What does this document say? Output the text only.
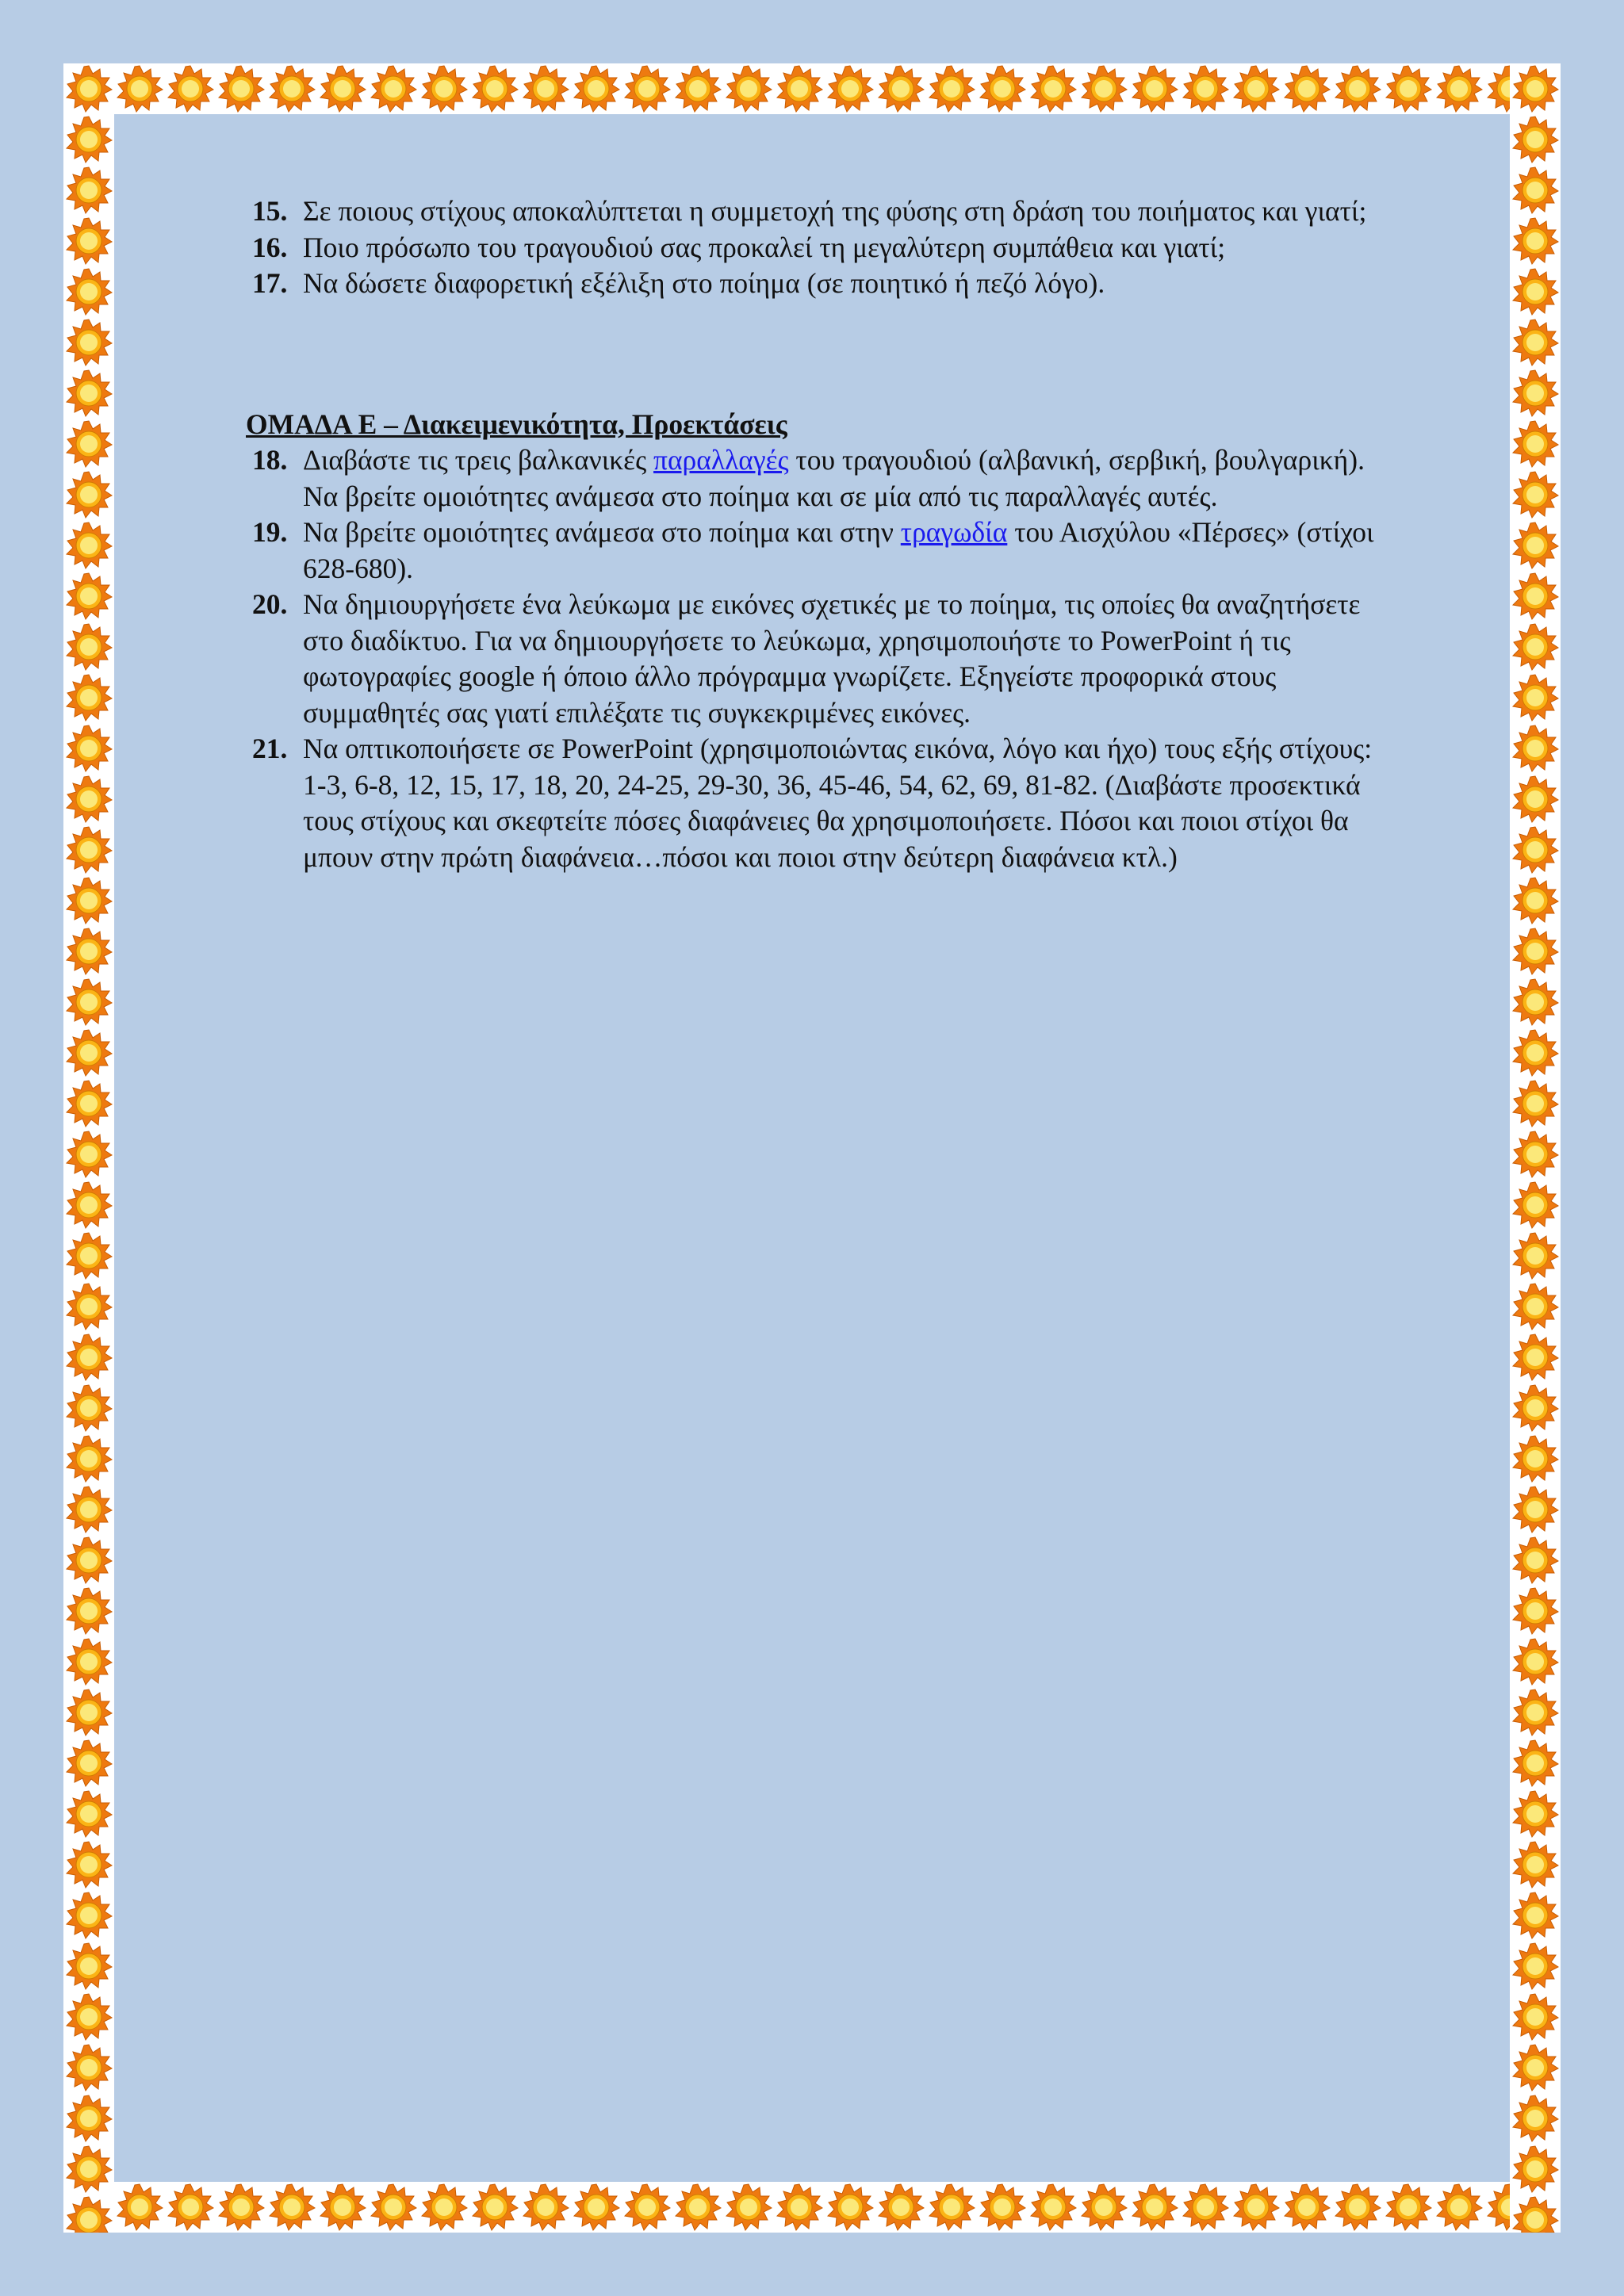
15. Σε ποιους στίχους αποκαλύπτεται η συμμετοχή της φύσης στη δράση του ποιήματος και γιατί;
16. Ποιο πρόσωπο του τραγουδιού σας προκαλεί τη μεγαλύτερη συμπάθεια και γιατί;
17. Να δώσετε διαφορετική εξέλιξη στο ποίημα (σε ποιητικό ή πεζό λόγο).
ΟΜΑΔΑ Ε – Διακειμενικότητα, Προεκτάσεις
18. Διαβάστε τις τρεις βαλκανικές παραλλαγές του τραγουδιού (αλβανική, σερβική, βουλγαρική). Να βρείτε ομοιότητες ανάμεσα στο ποίημα και σε μία από τις παραλλαγές αυτές.
19. Να βρείτε ομοιότητες ανάμεσα στο ποίημα και στην τραγωδία του Αισχύλου «Πέρσες» (στίχοι 628-680).
20. Να δημιουργήσετε ένα λεύκωμα με εικόνες σχετικές με το ποίημα, τις οποίες θα αναζητήσετε στο διαδίκτυο. Για να δημιουργήσετε το λεύκωμα, χρησιμοποιήστε το PowerPoint ή τις φωτογραφίες google ή όποιο άλλο πρόγραμμα γνωρίζετε. Εξηγείστε προφορικά στους συμμαθητές σας γιατί επιλέξατε τις συγκεκριμένες εικόνες.
21. Να οπτικοποιήσετε σε PowerPoint (χρησιμοποιώντας εικόνα, λόγο και ήχο) τους εξής στίχους: 1-3, 6-8, 12, 15, 17, 18, 20, 24-25, 29-30, 36, 45-46, 54, 62, 69, 81-82. (Διαβάστε προσεκτικά τους στίχους και σκεφτείτε πόσες διαφάνειες θα χρησιμοποιήσετε. Πόσοι και ποιοι στίχοι θα μπουν στην πρώτη διαφάνεια…πόσοι και ποιοι στην δεύτερη διαφάνεια κτλ.)
